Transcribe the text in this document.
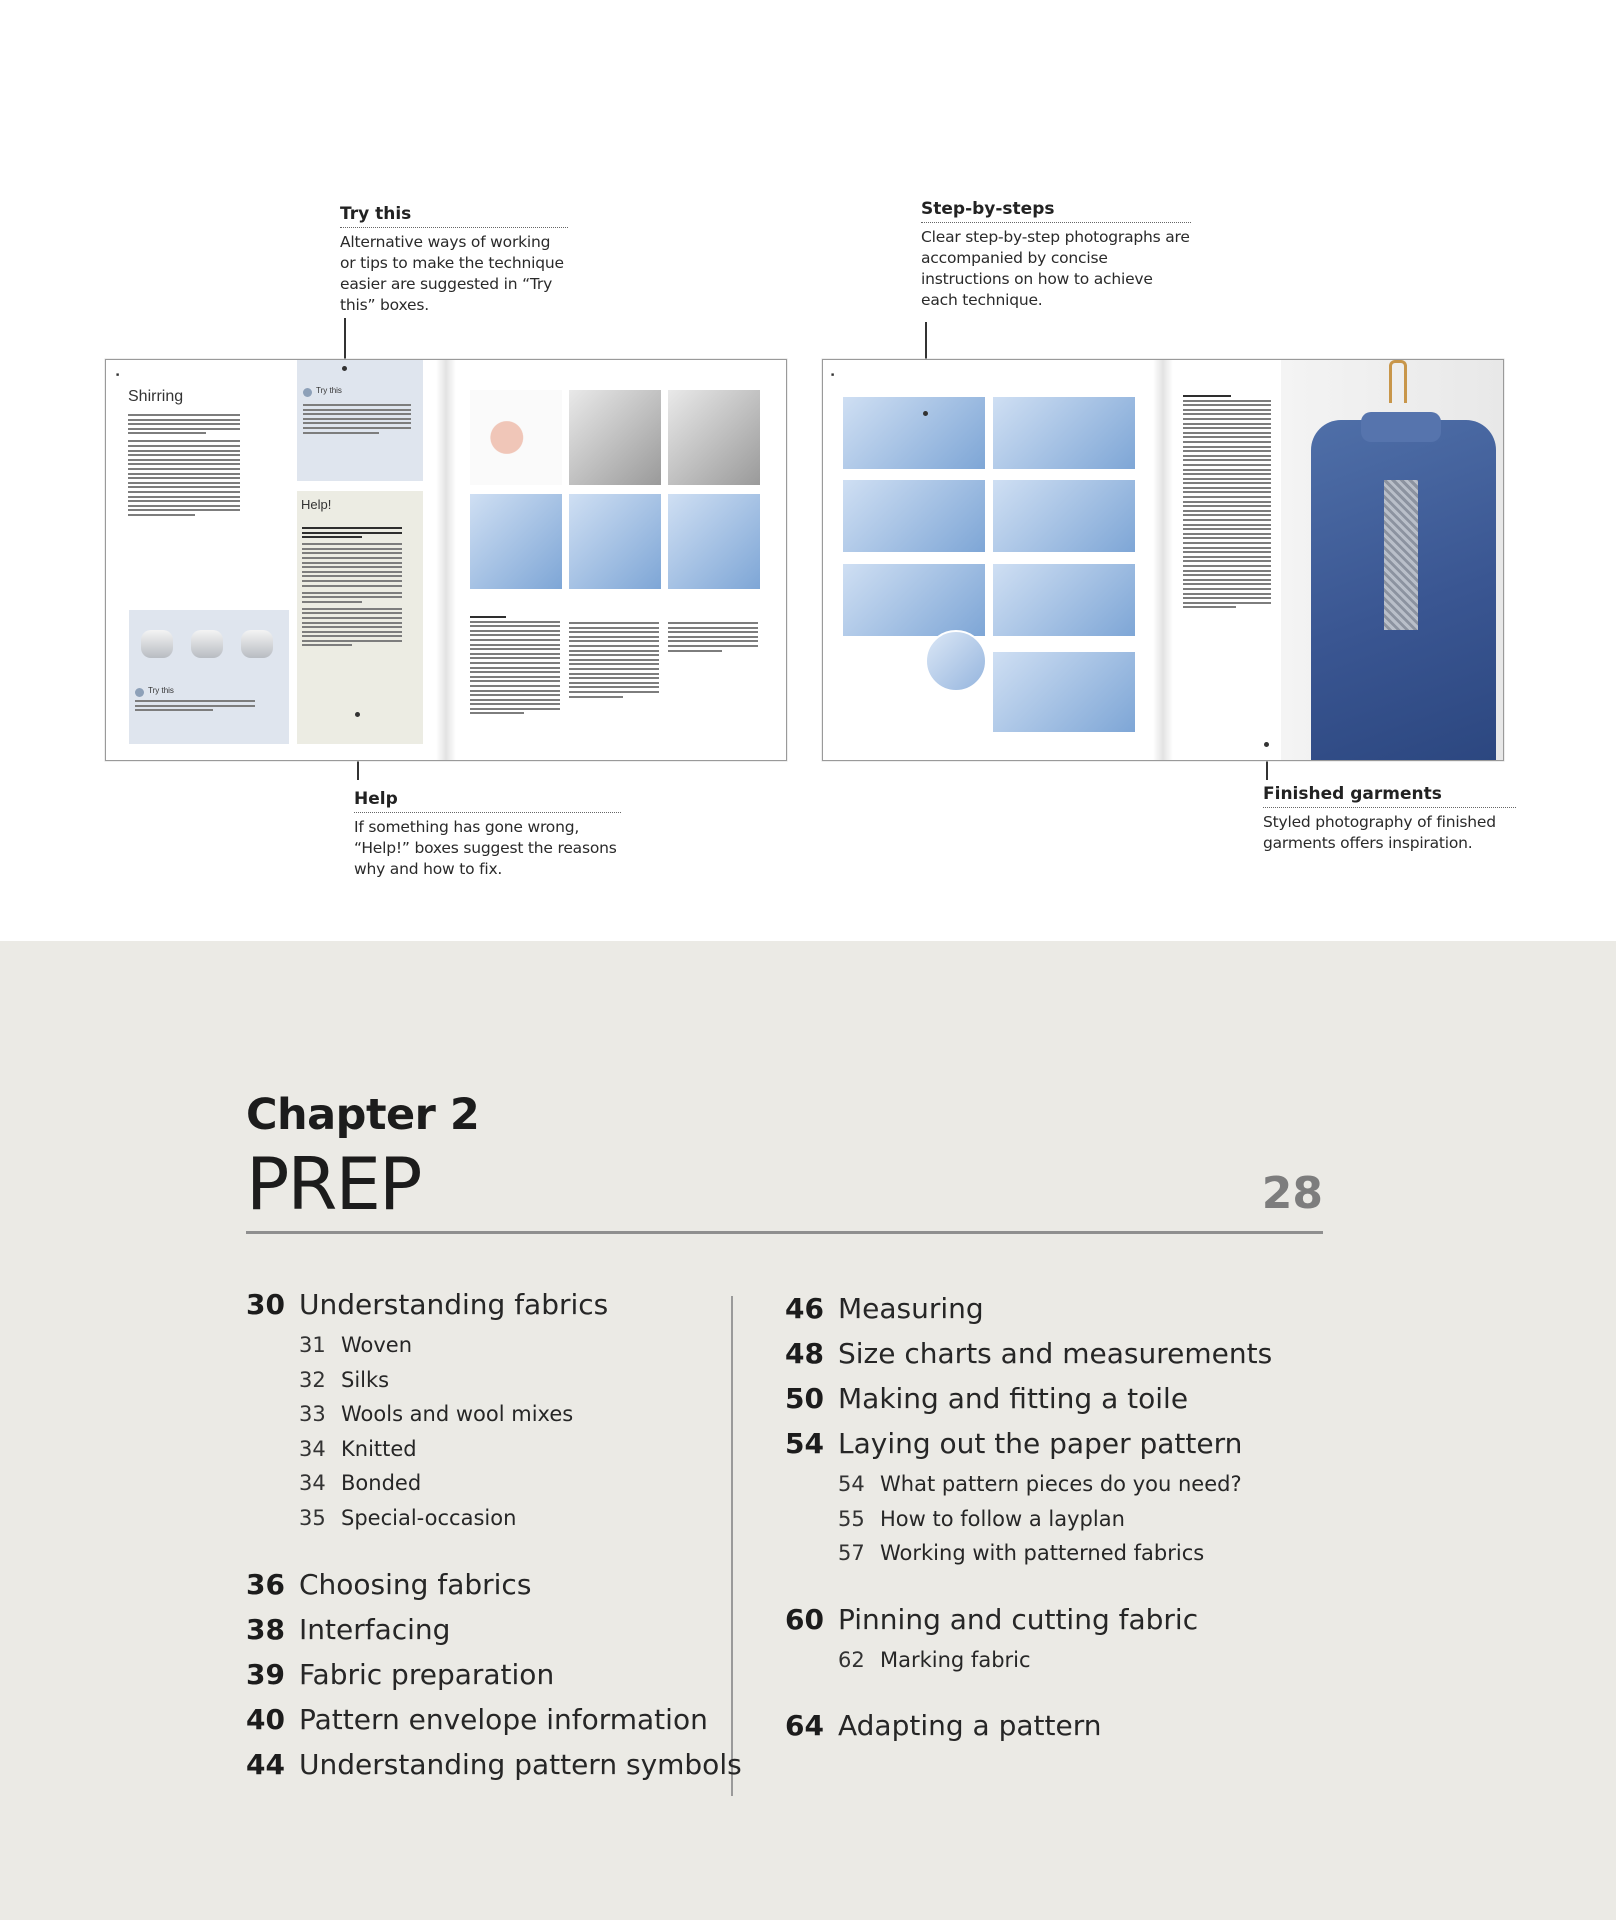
Try this
Alternative ways of working or tips to make the technique easier are suggested in “Try this” boxes.
Step-by-steps
Clear step-by-step photographs are accompanied by concise instructions on how to achieve each technique.
Help
If something has gone wrong, “Help!” boxes suggest the reasons why and how to fix.
Finished garments
Styled photography of finished garments offers inspiration.
■
Shirring	Try this
Help!
Try this
■
Chapter 2
PREP	28
30 Understanding fabrics
31 Woven
32 Silks
33 Wools and wool mixes
34 Knitted
34 Bonded
35 Special-occasion
36 Choosing fabrics
38 Interfacing
39 Fabric preparation
40 Pattern envelope information
44 Understanding pattern symbols
46 Measuring
48 Size charts and measurements
50 Making and fitting a toile
54 Laying out the paper pattern
54 What pattern pieces do you need?
55 How to follow a layplan
57 Working with patterned fabrics
60 Pinning and cutting fabric
62 Marking fabric
64 Adapting a pattern
